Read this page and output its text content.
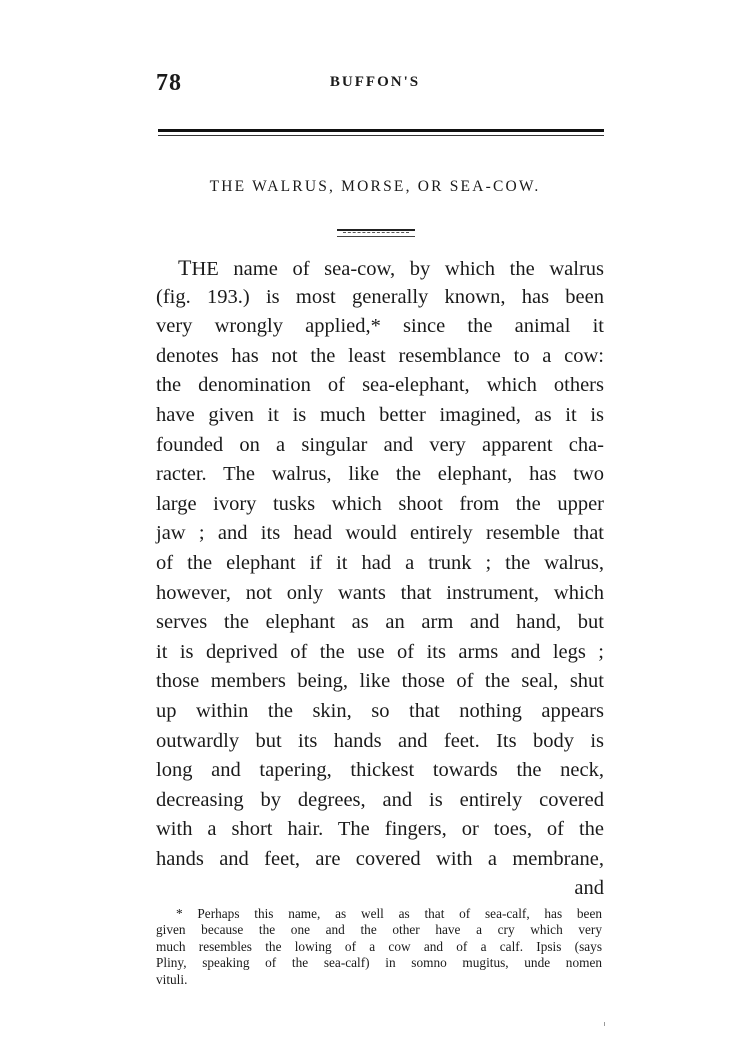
78	BUFFON'S
THE WALRUS, MORSE, OR SEA-COW.
THE name of sea-cow, by which the walrus
(fig. 193.) is most generally known, has been
very wrongly applied,* since the animal it
denotes has not the least resemblance to a cow:
the denomination of sea-elephant, which others
have given it is much better imagined, as it is
founded on a singular and very apparent cha-
racter. The walrus, like the elephant, has two
large ivory tusks which shoot from the upper
jaw ; and its head would entirely resemble that
of the elephant if it had a trunk ; the walrus,
however, not only wants that instrument, which
serves the elephant as an arm and hand, but
it is deprived of the use of its arms and legs ;
those members being, like those of the seal, shut
up within the skin, so that nothing appears
outwardly but its hands and feet. Its body is
long and tapering, thickest towards the neck,
decreasing by degrees, and is entirely covered
with a short hair. The fingers, or toes, of the
hands and feet, are covered with a membrane,
and
* Perhaps this name, as well as that of sea-calf, has been
given because the one and the other have a cry which very
much resembles the lowing of a cow and of a calf. Ipsis (says
Pliny, speaking of the sea-calf) in somno mugitus, unde nomen
vituli.
